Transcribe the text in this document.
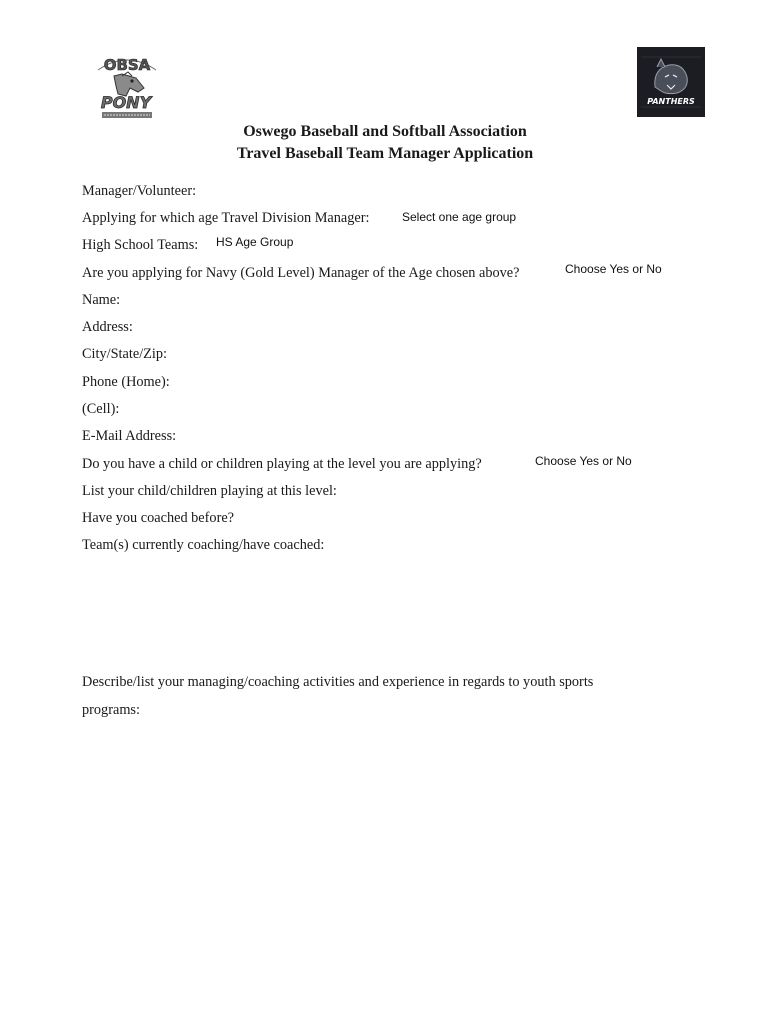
OBSA
PONY	PANTHERS
Oswego Baseball and Softball Association
Travel Baseball Team Manager Application
Manager/Volunteer:
Applying for which age Travel Division Manager:	Select one age group
High School Teams: HS Age Group
Are you applying for Navy (Gold Level) Manager of the Age chosen above?	Choose Yes or No
Name:
Address:
City/State/Zip:
Phone (Home):
(Cell):
E-Mail Address:
Do you have a child or children playing at the level you are applying?	Choose Yes or No
List your child/children playing at this level:
Have you coached before?
Team(s) currently coaching/have coached:
Describe/list your managing/coaching activities and experience in regards to youth sports
programs:
